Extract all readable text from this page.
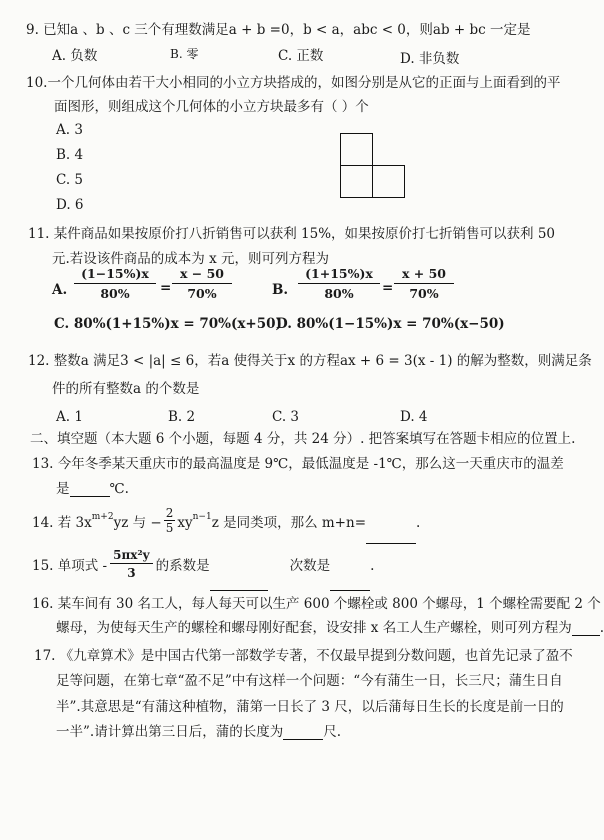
9. 已知a 、b 、c 三个有理数满足a + b =0，b < a，abc < 0，则ab + bc 一定是
A. 负数	B. 零	C. 正数	D. 非负数
10.一个几何体由若干大小相同的小立方块搭成的，如图分别是从它的正面与上面看到的平
面图形，则组成这个几何体的小立方块最多有（ ）个
A. 3
B. 4
C. 5
D. 6
11. 某件商品如果按原价打八折销售可以获利 15%，如果按原价打七折销售可以获利 50
元.若设该件商品的成本为 x 元，则可列方程为
A. $\frac{(1-15\%)x}{80\%} = \frac{x - 50}{70\%}$	B. $\frac{(1+15\%)x}{80\%} = \frac{x + 50}{70\%}$
C. 80%(1+15%)x = 70%(x+50)
D. 80%(1−15%)x = 70%(x−50)
12. 整数a 满足3 < |a| ≤ 6，若a 使得关于x 的方程ax + 6 = 3(x - 1) 的解为整数，则满足条
件的所有整数a 的个数是
A. 1	B. 2	C. 3	D. 4
二、填空题（本大题 6 个小题，每题 4 分，共 24 分）. 把答案填写在答题卡相应的位置上.
13. 今年冬季某天重庆市的最高温度是 9℃，最低温度是 -1℃，那么这一天重庆市的温差
是	℃.
14. 若 $3x^{m+2}yz$ 与 − $\frac{2}{5} xy^{n-1}z$ 是同类项，那么 m+n=	.
15. 单项式 - $\frac{\text{5πx²y}}{3}$ 的系数是	次数是	.
16. 某车间有 30 名工人，每人每天可以生产 600 个螺栓或 800 个螺母，1 个螺栓需要配 2 个
螺母，为使每天生产的螺栓和螺母刚好配套，设安排 x 名工人生产螺栓，则可列方程为 .
17. 《九章算术》是中国古代第一部数学专著，不仅最早提到分数问题，也首先记录了盈不
足等问题，在第七章“盈不足”中有这样一个问题：“今有蒲生一日，长三尺；蒲生日自
半”.其意思是“有蒲这种植物，蒲第一日长了 3 尺，以后蒲每日生长的长度是前一日的
一半”.请计算出第三日后，蒲的长度为	尺.
